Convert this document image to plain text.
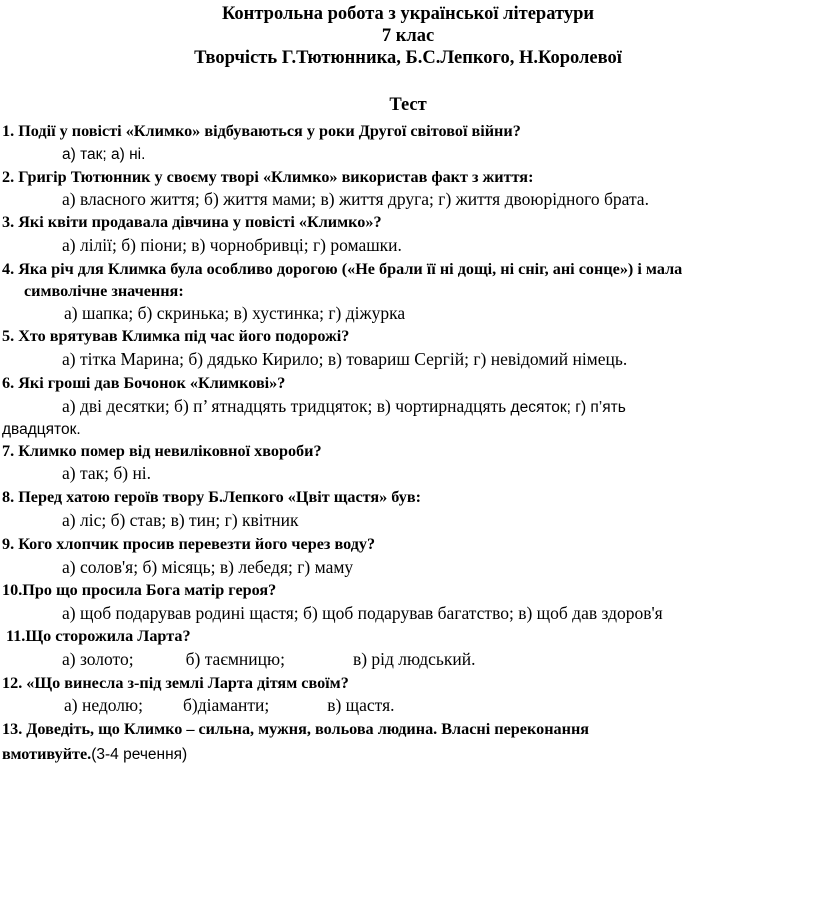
Контрольна робота з української літератури
7 клас
Творчість Г.Тютюнника, Б.С.Лепкого, Н.Королевої
Тест
1. Події у повісті «Климко» відбуваються у роки Другої світової війни?
а) так; а) ні.
2. Григір Тютюнник у своєму творі «Климко» використав факт з життя:
а) власного життя; б) життя мами; в) життя друга; г) життя двоюрідного брата.
3. Які квіти продавала дівчина у повісті «Климко»?
а) лілії; б) піони; в) чорнобривці; г) ромашки.
4. Яка річ для Климка була особливо дорогою («Не брали її ні дощі, ні сніг, ані сонце») і мала
символічне значення:
а) шапка; б) скринька; в) хустинка; г) діжурка
5. Хто врятував Климка під час його подорожі?
а) тітка Марина; б) дядько Кирило; в) товариш Сергій; г) невідомий німець.
6. Які гроші дав Бочонок «Климкові»?
а) дві десятки; б) п’ ятнадцять тридцяток; в) чортирнадцять десяток; г) п’ять
двадцяток.
7. Климко помер від невиліковної хвороби?
а) так; б) ні.
8. Перед хатою героїв твору Б.Лепкого «Цвіт щастя» був:
а) ліс; б) став; в) тин; г) квітник
9. Кого хлопчик просив перевезти його через воду?
а) солов'я; б) місяць; в) лебедя; г) маму
10.Про що просила Бога матір героя?
а) щоб подарував родині щастя; б) щоб подарував багатство; в) щоб дав здоров'я
11.Що сторожила Ларта?
а) золото;	б) таємницю;	в) рід людський.
12. «Що винесла з-під землі Ларта дітям своїм?
а) недолю; б)діаманти;	в) щастя.
13. Доведіть, що Климко – сильна, мужня, вольова людина. Власні переконання
вмотивуйте.(3-4 речення)
